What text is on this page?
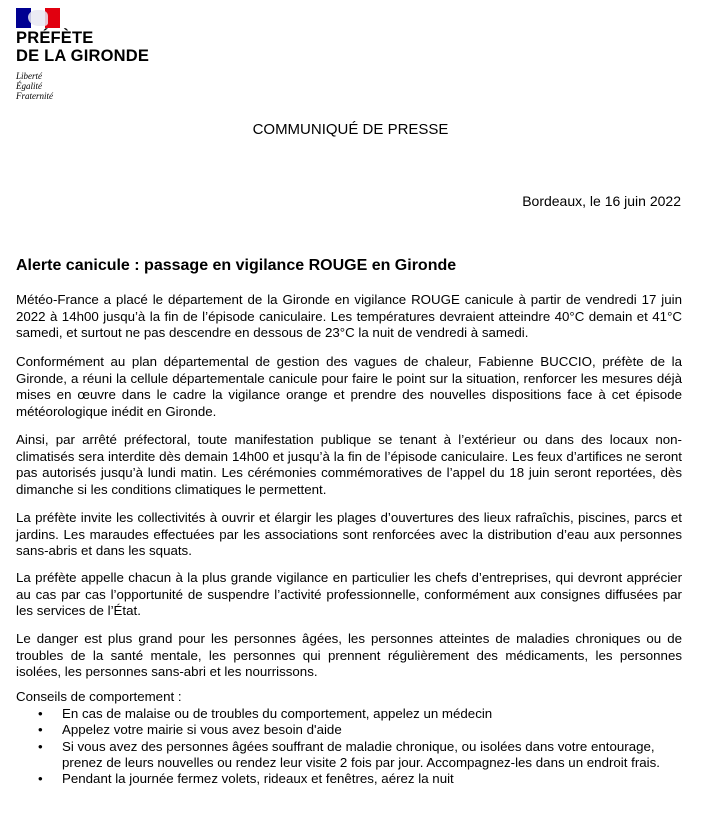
PRÉFÈTE
DE LA GIRONDE
Liberté
Égalité
Fraternité
COMMUNIQUÉ DE PRESSE
Bordeaux, le 16 juin 2022
Alerte canicule : passage en vigilance ROUGE en Gironde

Météo-France a placé le département de la Gironde en vigilance ROUGE canicule à partir de vendredi 17 juin 2022 à 14h00 jusqu’à la fin de l’épisode caniculaire. Les températures devraient atteindre 40°C demain et 41°C samedi, et surtout ne pas descendre en dessous de 23°C la nuit de vendredi à samedi.

Conformément au plan départemental de gestion des vagues de chaleur, Fabienne BUCCIO, préfète de la Gironde, a réuni la cellule départementale canicule pour faire le point sur la situation, renforcer les mesures déjà mises en œuvre dans le cadre la vigilance orange et prendre des nouvelles dispositions face à cet épisode météorologique inédit en Gironde.

Ainsi, par arrêté préfectoral, toute manifestation publique se tenant à l’extérieur ou dans des locaux non-climatisés sera interdite dès demain 14h00 et jusqu’à la fin de l’épisode caniculaire. Les feux d’artifices ne seront pas autorisés jusqu’à lundi matin. Les cérémonies commémoratives de l’appel du 18 juin seront reportées, dès dimanche si les conditions climatiques le permettent.

La préfète invite les collectivités à ouvrir et élargir les plages d’ouvertures des lieux rafraîchis, piscines, parcs et jardins. Les maraudes effectuées par les associations sont renforcées avec la distribution d’eau aux personnes sans-abris et dans les squats.

La préfète appelle chacun à la plus grande vigilance en particulier les chefs d’entreprises, qui devront apprécier au cas par cas l’opportunité de suspendre l’activité professionnelle, conformément aux consignes diffusées par les services de l’État.

Le danger est plus grand pour les personnes âgées, les personnes atteintes de maladies chroniques ou de troubles de la santé mentale, les personnes qui prennent régulièrement des médicaments, les personnes isolées, les personnes sans-abri et les nourrissons.

Conseils de comportement :
• En cas de malaise ou de troubles du comportement, appelez un médecin
• Appelez votre mairie si vous avez besoin d'aide
• Si vous avez des personnes âgées souffrant de maladie chronique, ou isolées dans votre entourage, prenez de leurs nouvelles ou rendez leur visite 2 fois par jour. Accompagnez-les dans un endroit frais.
• Pendant la journée fermez volets, rideaux et fenêtres, aérez la nuit
